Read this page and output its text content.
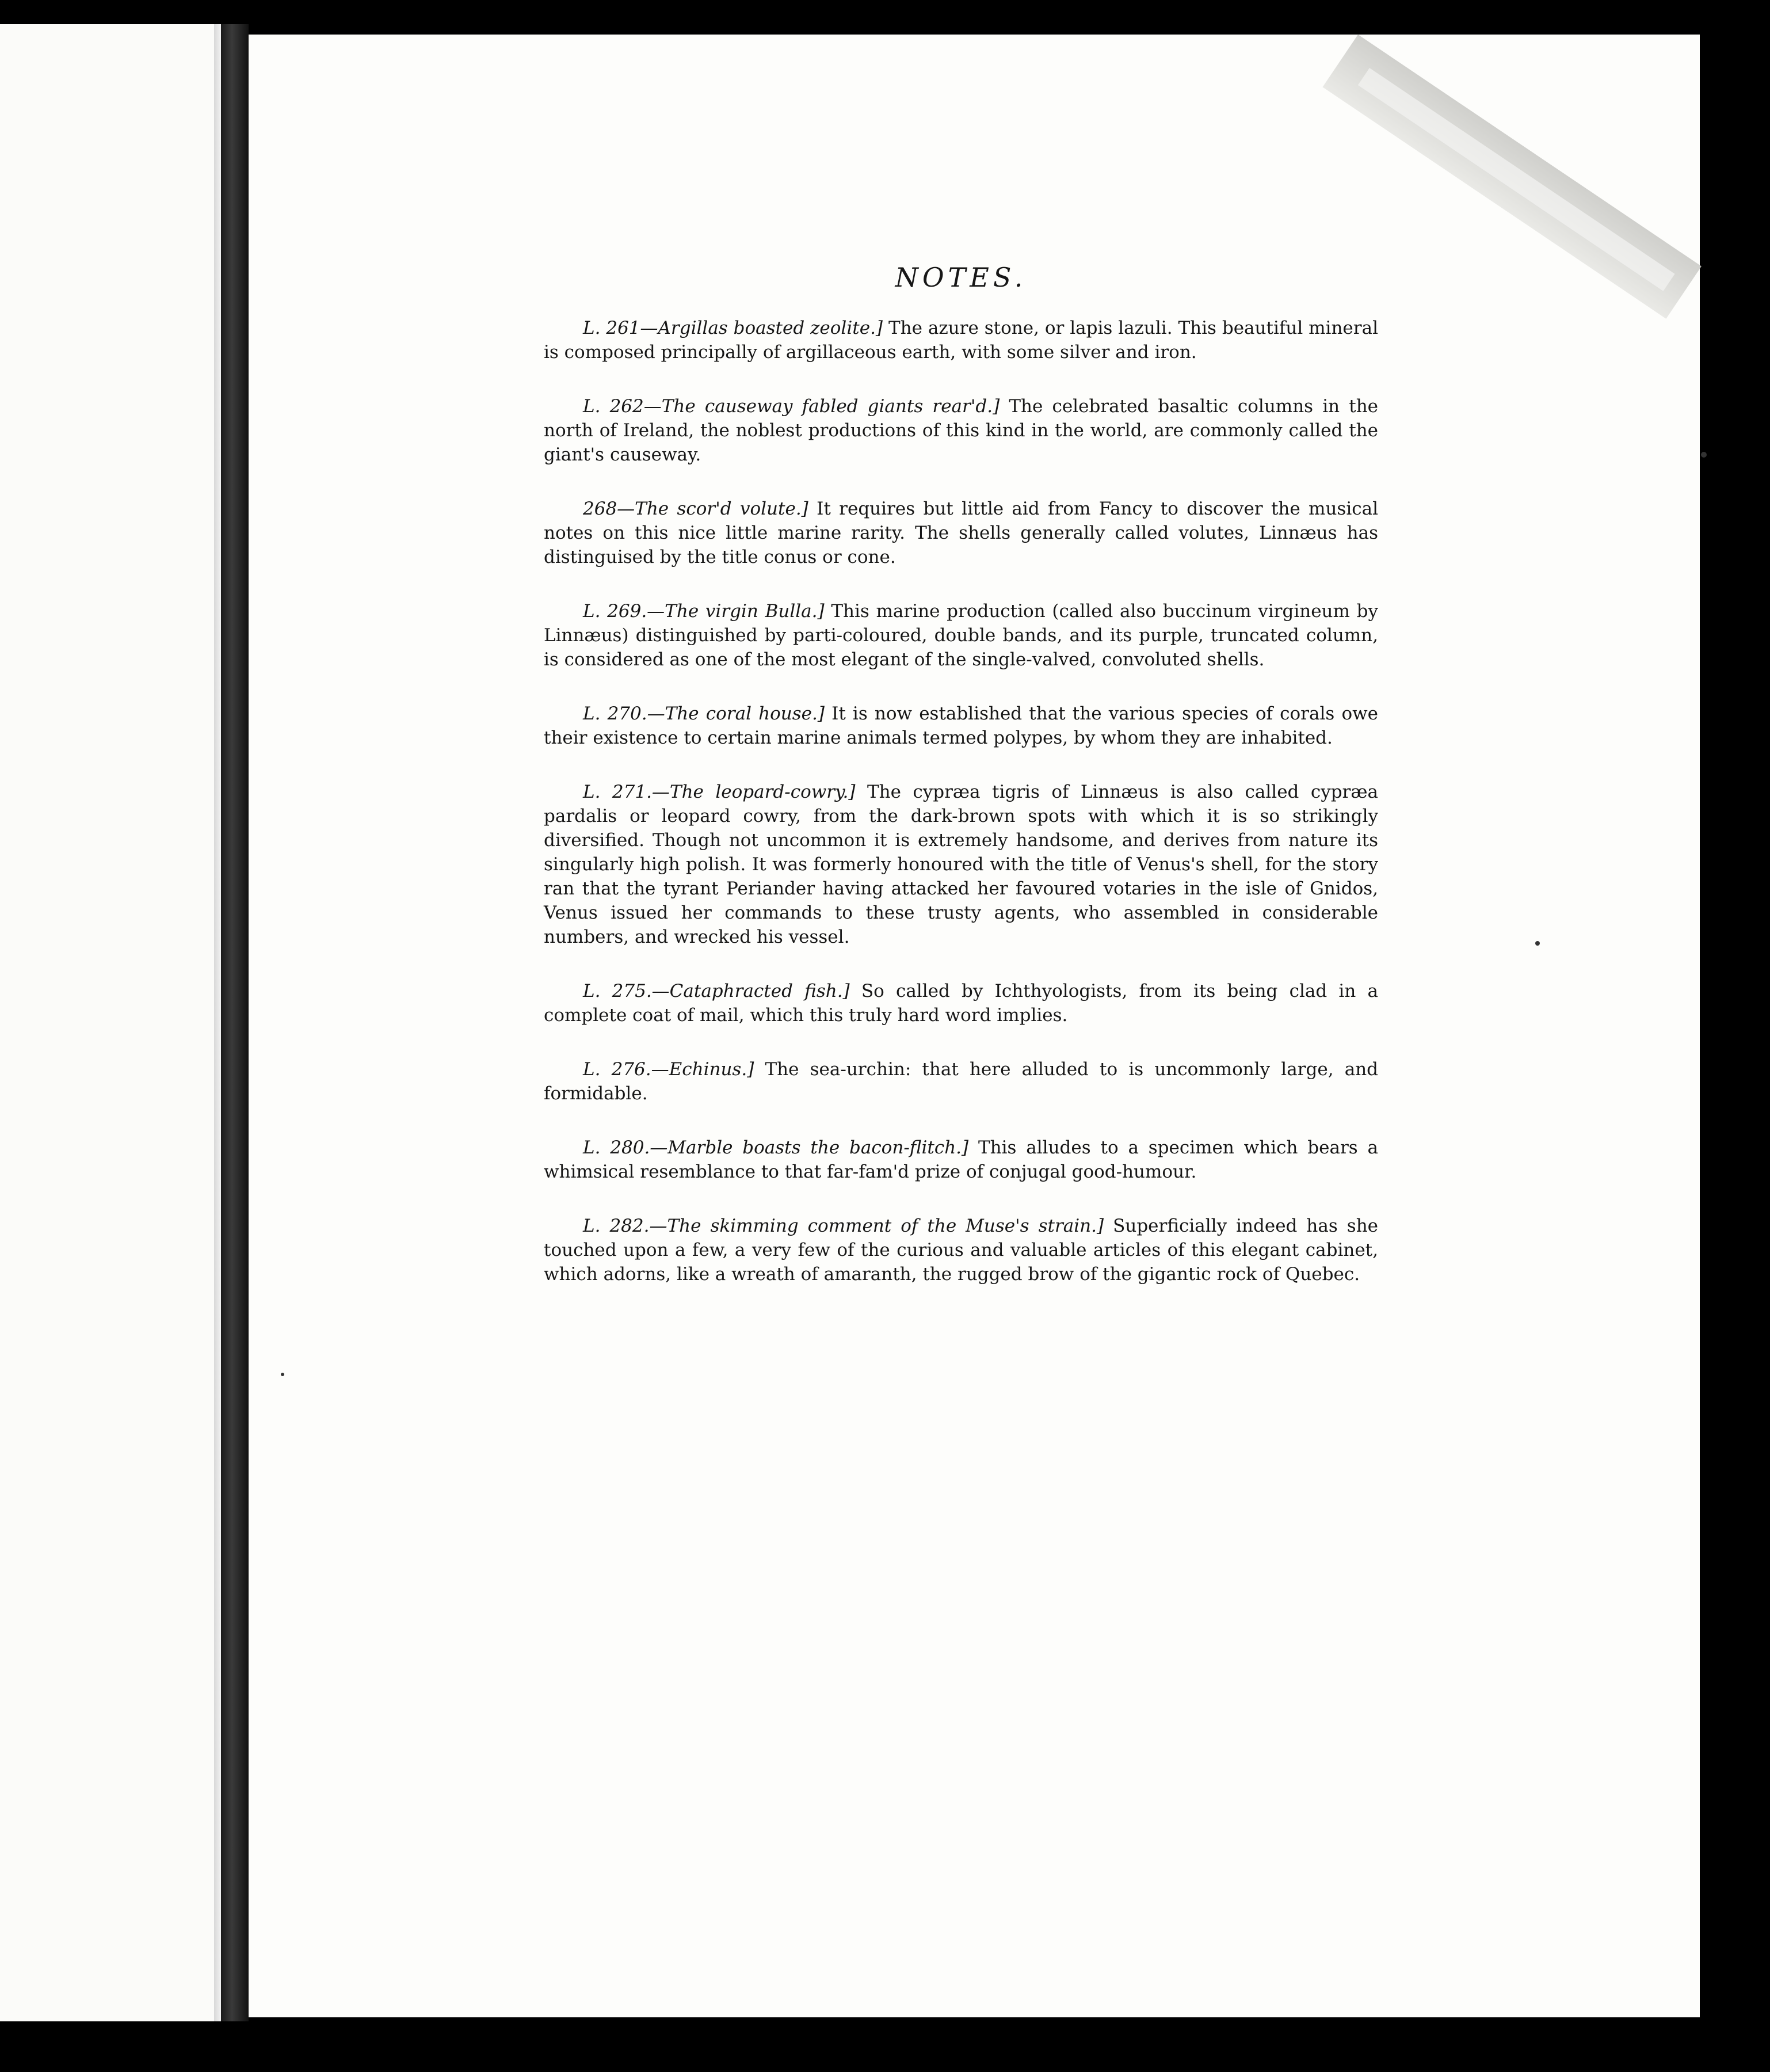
NOTES.

L. 261—Argillas boasted zeolite.] The azure stone, or lapis lazuli. This beautiful mineral is composed principally of argillaceous earth, with some silver and iron.

L. 262—The causeway fabled giants rear'd.] The celebrated basaltic columns in the north of Ireland, the noblest productions of this kind in the world, are commonly called the giant's causeway.

268—The scor'd volute.] It requires but little aid from Fancy to discover the musical notes on this nice little marine rarity. The shells generally called volutes, Linnæus has distinguised by the title conus or cone.

L. 269.—The virgin Bulla.] This marine production (called also buccinum virgineum by Linnæus) distinguished by parti-coloured, double bands, and its purple, truncated column, is considered as one of the most elegant of the single-valved, convoluted shells.

L. 270.—The coral house.] It is now established that the various species of corals owe their existence to certain marine animals termed polypes, by whom they are inhabited.

L. 271.—The leopard-cowry.] The cypræa tigris of Linnæus is also called cypræa pardalis or leopard cowry, from the dark-brown spots with which it is so strikingly diversified. Though not uncommon it is extremely handsome, and derives from nature its singularly high polish. It was formerly honoured with the title of Venus's shell, for the story ran that the tyrant Periander having attacked her favoured votaries in the isle of Gnidos, Venus issued her commands to these trusty agents, who assembled in considerable numbers, and wrecked his vessel.

L. 275.—Cataphracted fish.] So called by Ichthyologists, from its being clad in a complete coat of mail, which this truly hard word implies.

L. 276.—Echinus.] The sea-urchin: that here alluded to is uncommonly large, and formidable.

L. 280.—Marble boasts the bacon-flitch.] This alludes to a specimen which bears a whimsical resemblance to that far-fam'd prize of conjugal good-humour.

L. 282.—The skimming comment of the Muse's strain.] Superficially indeed has she touched upon a few, a very few of the curious and valuable articles of this elegant cabinet, which adorns, like a wreath of amaranth, the rugged brow of the gigantic rock of Quebec.
